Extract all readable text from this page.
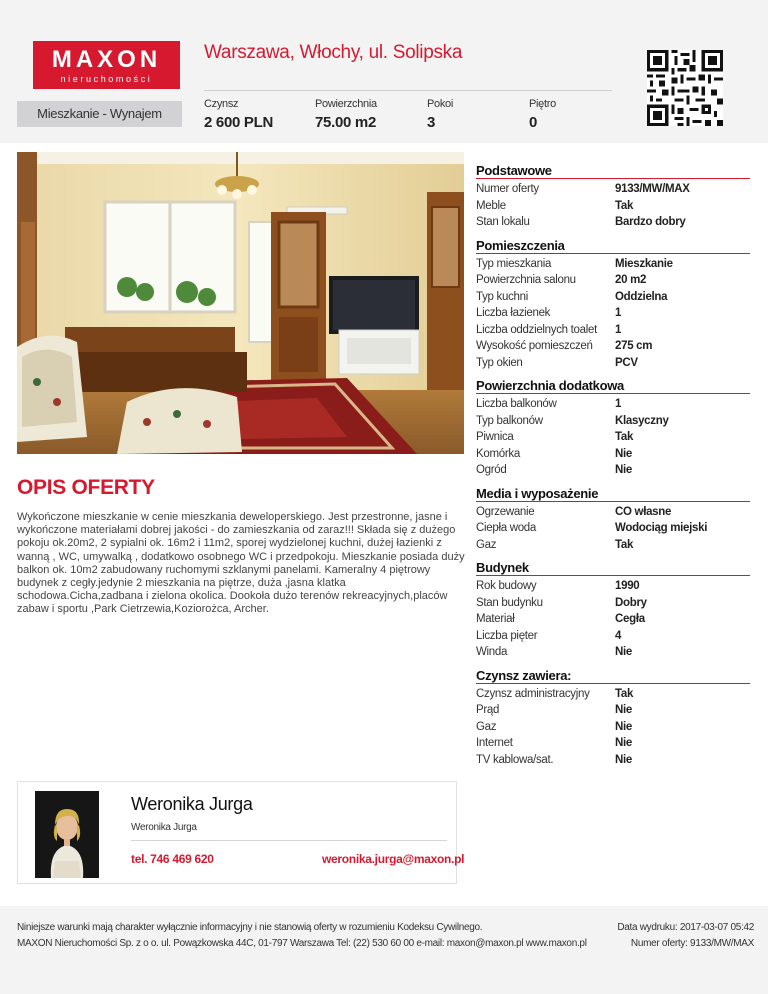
MAXON
nieruchomości
Warszawa, Włochy, ul. Solipska
Mieszkanie - Wynajem
Czynsz
2 600 PLN
Powierzchnia
75.00 m2
Pokoi
3
Piętro
0
OPIS OFERTY
Wykończone mieszkanie w cenie mieszkania deweloperskiego. Jest przestronne, jasne i wykończone materiałami dobrej jakości - do zamieszkania od zaraz!!! Składa się z dużego pokoju ok.20m2, 2 sypialni ok. 16m2 i 11m2, sporej wydzielonej kuchni, dużej łazienki z wanną , WC, umywalką , dodatkowo osobnego WC i przedpokoju. Mieszkanie posiada duży balkon ok. 10m2 zabudowany ruchomymi szklanymi panelami. Kameralny 4 piętrowy budynek z cegły.jedynie 2 mieszkania na piętrze, duża ,jasna klatka schodowa.Cicha,zadbana i zielona okolica. Dookoła dużo terenów rekreacyjnych,placów zabaw i sportu ,Park Cietrzewia,Koziorożca, Archer.
Podstawowe
Numer oferty	9133/MW/MAX
Meble	Tak
Stan lokalu	Bardzo dobry
Pomieszczenia
Typ mieszkania	Mieszkanie
Powierzchnia salonu	20 m2
Typ kuchni	Oddzielna
Liczba łazienek	1
Liczba oddzielnych toalet	1
Wysokość pomieszczeń	275 cm
Typ okien	PCV
Powierzchnia dodatkowa
Liczba balkonów	1
Typ balkonów	Klasyczny
Piwnica	Tak
Komórka	Nie
Ogród	Nie
Media i wyposażenie
Ogrzewanie	CO własne
Ciepła woda	Wodociąg miejski
Gaz	Tak
Budynek
Rok budowy	1990
Stan budynku	Dobry
Materiał	Cegła
Liczba pięter	4
Winda	Nie
Czynsz zawiera:
Czynsz administracyjny	Tak
Prąd	Nie
Gaz	Nie
Internet	Nie
TV kablowa/sat.	Nie
Weronika Jurga
Weronika Jurga
tel. 746 469 620	weronika.jurga@maxon.pl
Niniejsze warunki mają charakter wyłącznie informacyjny i nie stanowią oferty w rozumieniu Kodeksu Cywilnego.
MAXON Nieruchomości Sp. z o o. ul. Powązkowska 44C, 01-797 Warszawa Tel: (22) 530 60 00 e-mail: maxon@maxon.pl www.maxon.pl
Data wydruku: 2017-03-07 05:42
Numer oferty: 9133/MW/MAX
